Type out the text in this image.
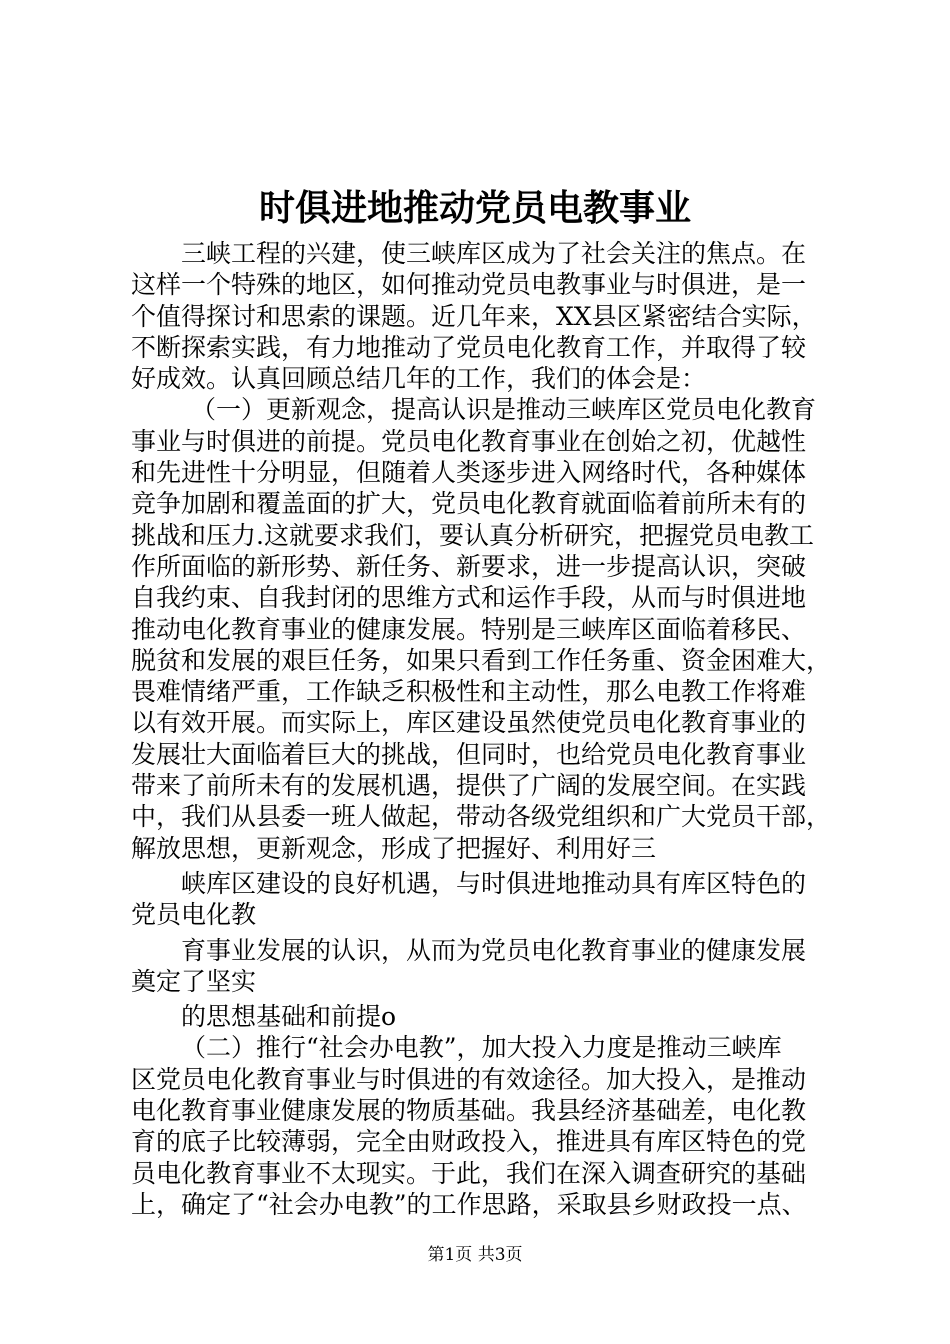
时俱进地推动党员电教事业
三峡工程的兴建，使三峡库区成为了社会关注的焦点。在
这样一个特殊的地区，如何推动党员电教事业与时俱进，是一
个值得探讨和思索的课题。近几年来，XX县区紧密结合实际，
不断探索实践，有力地推动了党员电化教育工作，并取得了较
好成效。认真回顾总结几年的工作，我们的体会是：
（一）更新观念，提高认识是推动三峡库区党员电化教育
事业与时俱进的前提。党员电化教育事业在创始之初，优越性
和先进性十分明显，但随着人类逐步进入网络时代，各种媒体
竞争加剧和覆盖面的扩大，党员电化教育就面临着前所未有的
挑战和压力.这就要求我们，要认真分析研究，把握党员电教工
作所面临的新形势、新任务、新要求，进一步提高认识，突破
自我约束、自我封闭的思维方式和运作手段，从而与时俱进地
推动电化教育事业的健康发展。特别是三峡库区面临着移民、
脱贫和发展的艰巨任务，如果只看到工作任务重、资金困难大，
畏难情绪严重，工作缺乏积极性和主动性，那么电教工作将难
以有效开展。而实际上，库区建设虽然使党员电化教育事业的
发展壮大面临着巨大的挑战，但同时，也给党员电化教育事业
带来了前所未有的发展机遇，提供了广阔的发展空间。在实践
中，我们从县委一班人做起，带动各级党组织和广大党员干部，
解放思想，更新观念，形成了把握好、利用好三
峡库区建设的良好机遇，与时俱进地推动具有库区特色的
党员电化教
育事业发展的认识，从而为党员电化教育事业的健康发展
奠定了坚实
的思想基础和前提o
（二）推行“社会办电教”，加大投入力度是推动三峡库
区党员电化教育事业与时俱进的有效途径。加大投入，是推动
电化教育事业健康发展的物质基础。我县经济基础差，电化教
育的底子比较薄弱，完全由财政投入，推进具有库区特色的党
员电化教育事业不太现实。于此，我们在深入调查研究的基础
上，确定了“社会办电教”的工作思路，采取县乡财政投一点、
第1页 共3页
